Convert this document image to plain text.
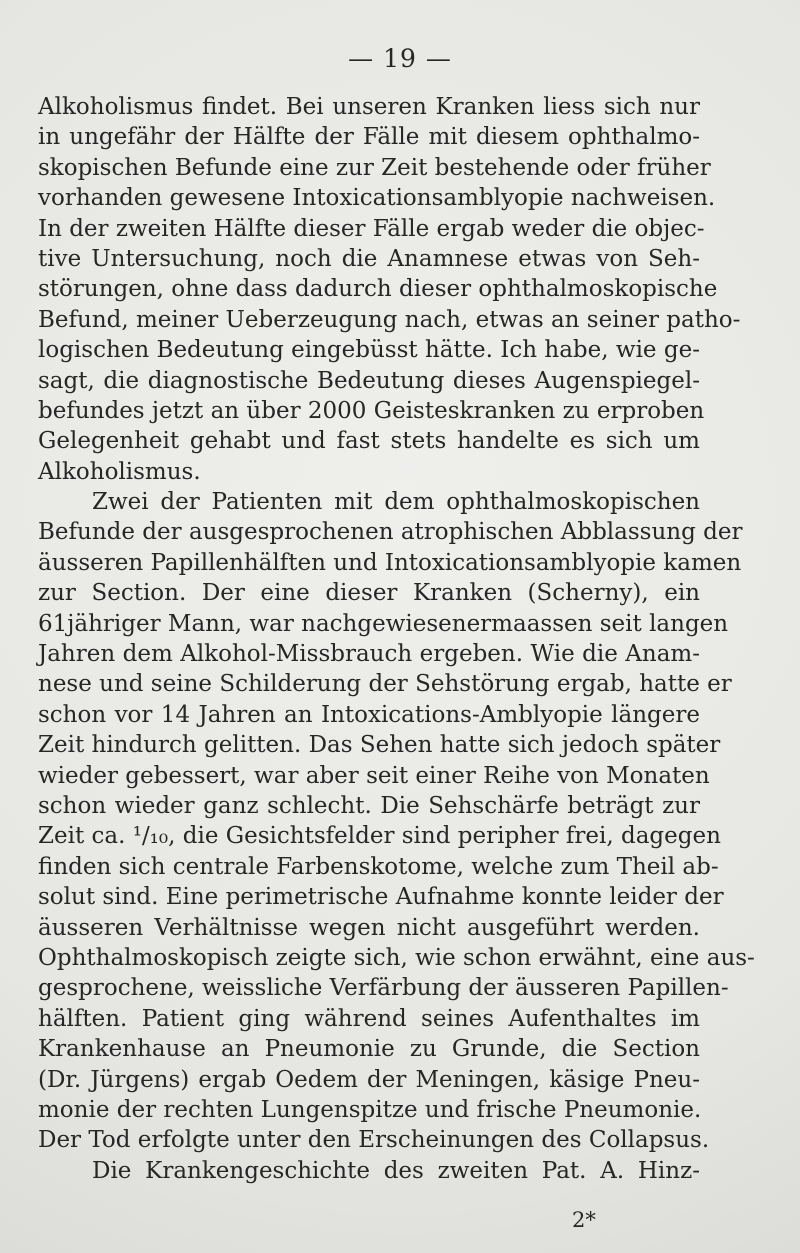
— 19 —
Alkoholismus findet. Bei unseren Kranken liess sich nur
in ungefähr der Hälfte der Fälle mit diesem ophthalmo-
skopischen Befunde eine zur Zeit bestehende oder früher
vorhanden gewesene Intoxicationsamblyopie nachweisen.
In der zweiten Hälfte dieser Fälle ergab weder die objec-
tive Untersuchung, noch die Anamnese etwas von Seh-
störungen, ohne dass dadurch dieser ophthalmoskopische
Befund, meiner Ueberzeugung nach, etwas an seiner patho-
logischen Bedeutung eingebüsst hätte. Ich habe, wie ge-
sagt, die diagnostische Bedeutung dieses Augenspiegel-
befundes jetzt an über 2000 Geisteskranken zu erproben
Gelegenheit gehabt und fast stets handelte es sich um
Alkoholismus.
Zwei der Patienten mit dem ophthalmoskopischen
Befunde der ausgesprochenen atrophischen Abblassung der
äusseren Papillenhälften und Intoxicationsamblyopie kamen
zur Section. Der eine dieser Kranken (Scherny), ein
61jähriger Mann, war nachgewiesenermaassen seit langen
Jahren dem Alkohol-Missbrauch ergeben. Wie die Anam-
nese und seine Schilderung der Sehstörung ergab, hatte er
schon vor 14 Jahren an Intoxications-Amblyopie längere
Zeit hindurch gelitten. Das Sehen hatte sich jedoch später
wieder gebessert, war aber seit einer Reihe von Monaten
schon wieder ganz schlecht. Die Sehschärfe beträgt zur
Zeit ca. ¹/₁₀, die Gesichtsfelder sind peripher frei, dagegen
finden sich centrale Farbenskotome, welche zum Theil ab-
solut sind. Eine perimetrische Aufnahme konnte leider der
äusseren Verhältnisse wegen nicht ausgeführt werden.
Ophthalmoskopisch zeigte sich, wie schon erwähnt, eine aus-
gesprochene, weissliche Verfärbung der äusseren Papillen-
hälften. Patient ging während seines Aufenthaltes im
Krankenhause an Pneumonie zu Grunde, die Section
(Dr. Jürgens) ergab Oedem der Meningen, käsige Pneu-
monie der rechten Lungenspitze und frische Pneumonie.
Der Tod erfolgte unter den Erscheinungen des Collapsus.
Die Krankengeschichte des zweiten Pat. A. Hinz-
2*
